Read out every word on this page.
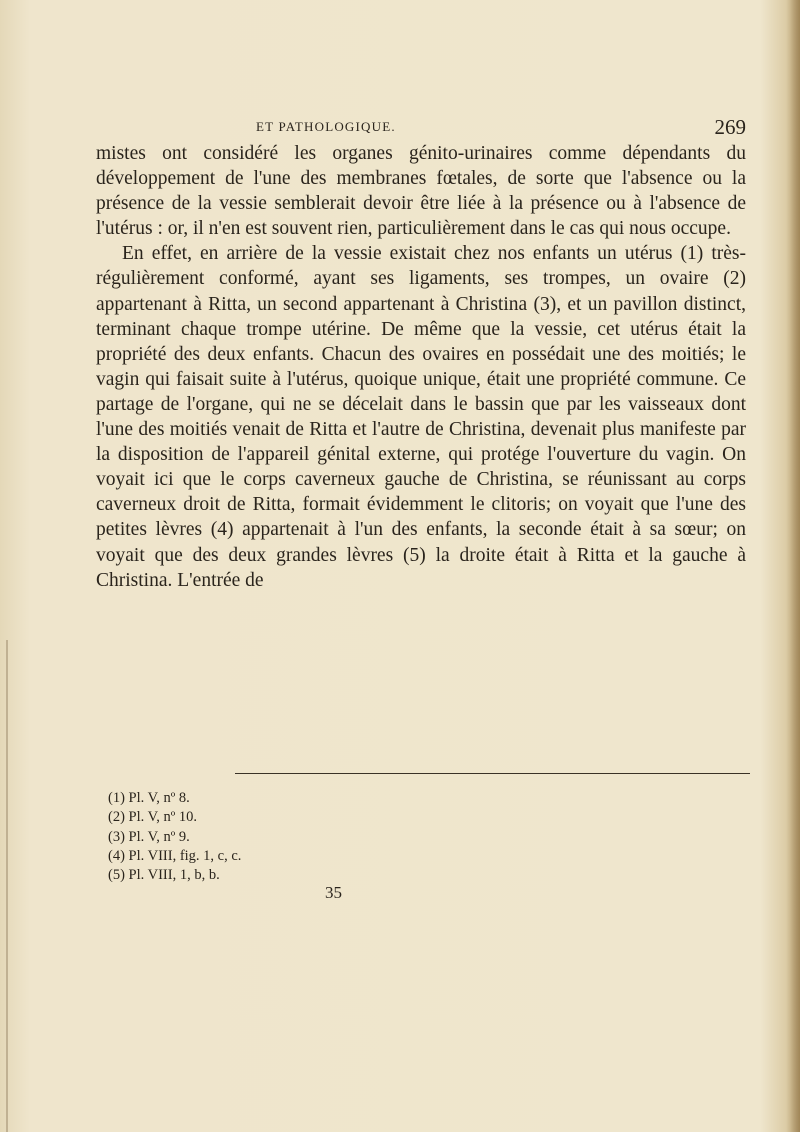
ET PATHOLOGIQUE.	269

mistes ont considéré les organes génito-urinaires comme dépendants du développement de l'une des membranes fœtales, de sorte que l'absence ou la présence de la vessie semblerait devoir être liée à la présence ou à l'absence de l'utérus : or, il n'en est souvent rien, particulièrement dans le cas qui nous occupe.

En effet, en arrière de la vessie existait chez nos enfants un utérus (1) très-régulièrement conformé, ayant ses ligaments, ses trompes, un ovaire (2) appartenant à Ritta, un second appartenant à Christina (3), et un pavillon distinct, terminant chaque trompe utérine. De même que la vessie, cet utérus était la propriété des deux enfants. Chacun des ovaires en possédait une des moitiés; le vagin qui faisait suite à l'utérus, quoique unique, était une propriété commune. Ce partage de l'organe, qui ne se décelait dans le bassin que par les vaisseaux dont l'une des moitiés venait de Ritta et l'autre de Christina, devenait plus manifeste par la disposition de l'appareil génital externe, qui protége l'ouverture du vagin. On voyait ici que le corps caverneux gauche de Christina, se réunissant au corps caverneux droit de Ritta, formait évidemment le clitoris; on voyait que l'une des petites lèvres (4) appartenait à l'un des enfants, la seconde était à sa sœur; on voyait que des deux grandes lèvres (5) la droite était à Ritta et la gauche à Christina. L'entrée de

(1) Pl. V, nº 8.
(2) Pl. V, nº 10.
(3) Pl. V, nº 9.
(4) Pl. VIII, fig. 1, c, c.
(5) Pl. VIII, 1, b, b.
35
